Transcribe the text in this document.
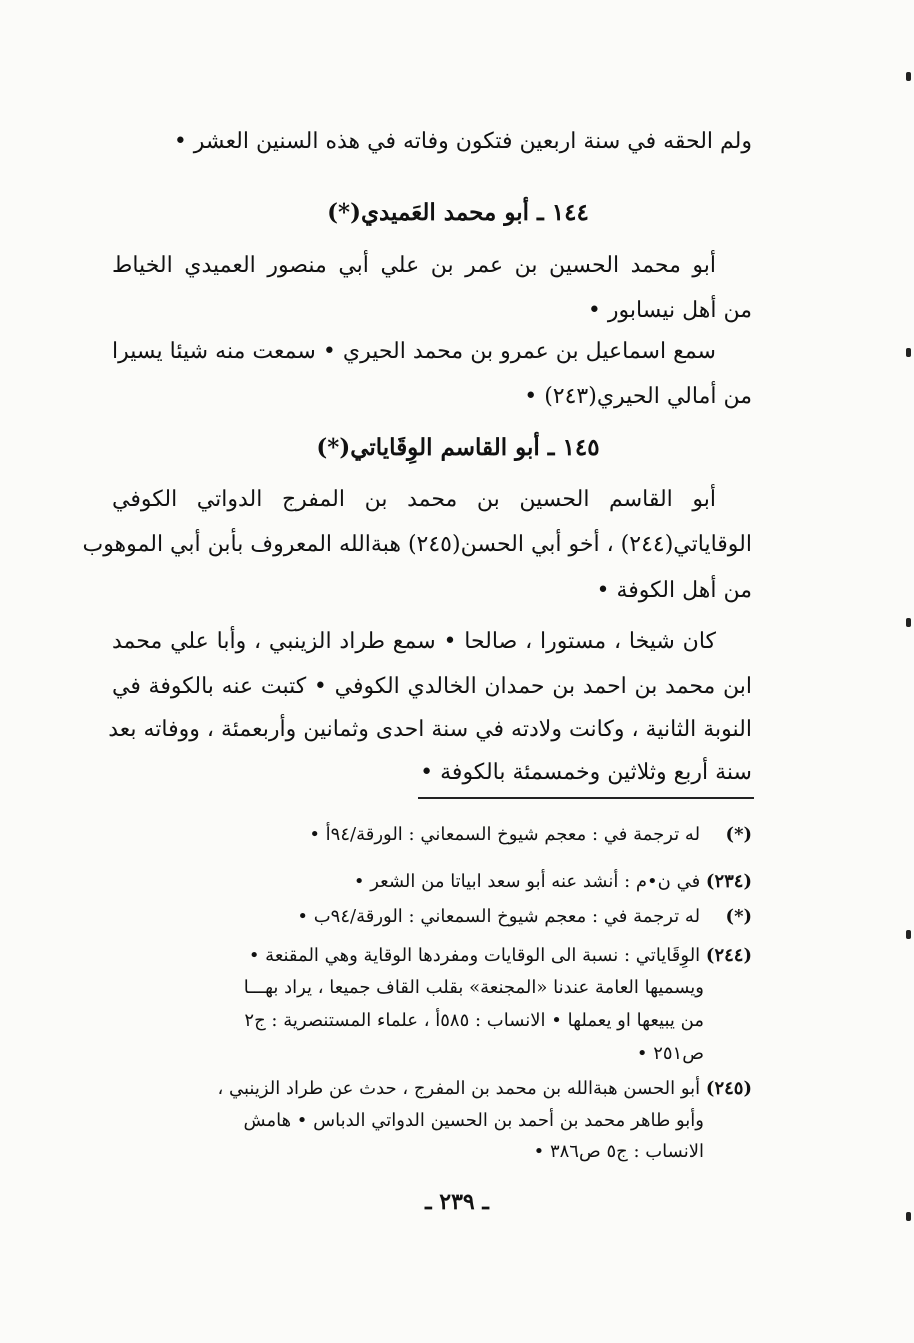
ولم الحقه في سنة اربعين فتكون وفاته في هذه السنين العشر •
١٤٤ ـ أبو محمد العَميدي(*)
أبو محمد الحسين بن عمر بن علي أبي منصور العميدي الخياط
من أهل نيسابور •
سمع اسماعيل بن عمرو بن محمد الحيري • سمعت منه شيئا يسيرا
من أمالي الحيري(٢٤٣) •
١٤٥ ـ أبو القاسم الوِقَاياتي(*)
أبو القاسم الحسين بن محمد بن المفرج الدواتي الكوفي
الوقاياتي(٢٤٤) ، أخو أبي الحسن(٢٤٥) هبةالله المعروف بأبن أبي الموهوب
من أهل الكوفة •
كان شيخا ، مستورا ، صالحا • سمع طراد الزينبي ، وأبا علي محمد
ابن محمد بن احمد بن حمدان الخالدي الكوفي • كتبت عنه بالكوفة في
النوبة الثانية ، وكانت ولادته في سنة احدى وثمانين وأربعمئة ، ووفاته بعد
سنة أربع وثلاثين وخمسمئة بالكوفة •
(*)  له ترجمة في : معجم شيوخ السمعاني : الورقة/٩٤أ •
(٢٣٤) في ن•م : أنشد عنه أبو سعد ابياتا من الشعر •
(*)  له ترجمة في : معجم شيوخ السمعاني : الورقة/٩٤ب •
(٢٤٤) الوِقَاياتي : نسبة الى الوقايات ومفردها الوقاية وهي المقنعة •
ويسميها العامة عندنا «المجنعة» بقلب القاف جميعا ، يراد بهـــا
من يبيعها او يعملها • الانساب : ٥٨٥أ ، علماء المستنصرية : ج٢
ص٢٥١ •
(٢٤٥) أبو الحسن هبةالله بن محمد بن المفرج ، حدث عن طراد الزينبي ،
وأبو طاهر محمد بن أحمد بن الحسين الدواتي الدباس • هامش
الانساب : ج٥ ص٣٨٦ •
ـ ٢٣٩ ـ
